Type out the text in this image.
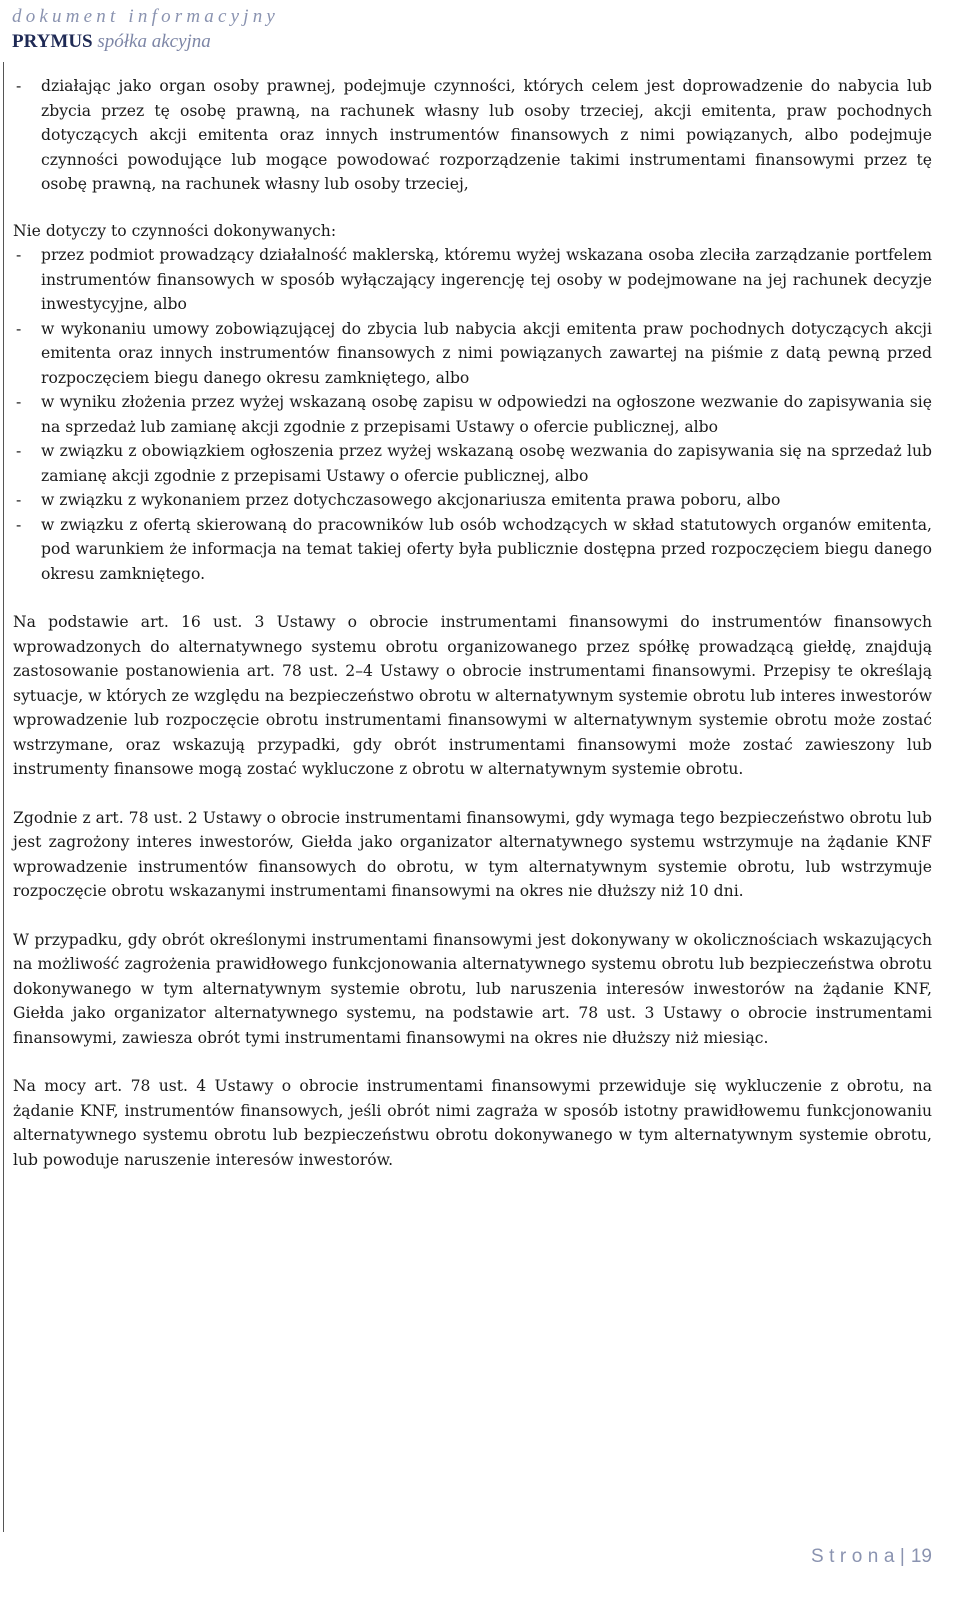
dokument informacyjny
PRYMUS spółka akcyjna
- działając jako organ osoby prawnej, podejmuje czynności, których celem jest doprowadzenie do nabycia lub zbycia przez tę osobę prawną, na rachunek własny lub osoby trzeciej, akcji emitenta, praw pochodnych dotyczących akcji emitenta oraz innych instrumentów finansowych z nimi powiązanych, albo podejmuje czynności powodujące lub mogące powodować rozporządzenie takimi instrumentami finansowymi przez tę osobę prawną, na rachunek własny lub osoby trzeciej,

Nie dotyczy to czynności dokonywanych:

- przez podmiot prowadzący działalność maklerską, któremu wyżej wskazana osoba zleciła zarządzanie portfelem instrumentów finansowych w sposób wyłączający ingerencję tej osoby w podejmowane na jej rachunek decyzje inwestycyjne, albo
- w wykonaniu umowy zobowiązującej do zbycia lub nabycia akcji emitenta praw pochodnych dotyczących akcji emitenta oraz innych instrumentów finansowych z nimi powiązanych zawartej na piśmie z datą pewną przed rozpoczęciem biegu danego okresu zamkniętego, albo
- w wyniku złożenia przez wyżej wskazaną osobę zapisu w odpowiedzi na ogłoszone wezwanie do zapisywania się na sprzedaż lub zamianę akcji zgodnie z przepisami Ustawy o ofercie publicznej, albo
- w związku z obowiązkiem ogłoszenia przez wyżej wskazaną osobę wezwania do zapisywania się na sprzedaż lub zamianę akcji zgodnie z przepisami Ustawy o ofercie publicznej, albo
- w związku z wykonaniem przez dotychczasowego akcjonariusza emitenta prawa poboru, albo
- w związku z ofertą skierowaną do pracowników lub osób wchodzących w skład statutowych organów emitenta, pod warunkiem że informacja na temat takiej oferty była publicznie dostępna przed rozpoczęciem biegu danego okresu zamkniętego.

Na podstawie art. 16 ust. 3 Ustawy o obrocie instrumentami finansowymi do instrumentów finansowych wprowadzonych do alternatywnego systemu obrotu organizowanego przez spółkę prowadzącą giełdę, znajdują zastosowanie postanowienia art. 78 ust. 2–4 Ustawy o obrocie instrumentami finansowymi. Przepisy te określają sytuacje, w których ze względu na bezpieczeństwo obrotu w alternatywnym systemie obrotu lub interes inwestorów wprowadzenie lub rozpoczęcie obrotu instrumentami finansowymi w alternatywnym systemie obrotu może zostać wstrzymane, oraz wskazują przypadki, gdy obrót instrumentami finansowymi może zostać zawieszony lub instrumenty finansowe mogą zostać wykluczone z obrotu w alternatywnym systemie obrotu.

Zgodnie z art. 78 ust. 2 Ustawy o obrocie instrumentami finansowymi, gdy wymaga tego bezpieczeństwo obrotu lub jest zagrożony interes inwestorów, Giełda jako organizator alternatywnego systemu wstrzymuje na żądanie KNF wprowadzenie instrumentów finansowych do obrotu, w tym alternatywnym systemie obrotu, lub wstrzymuje rozpoczęcie obrotu wskazanymi instrumentami finansowymi na okres nie dłuższy niż 10 dni.

W przypadku, gdy obrót określonymi instrumentami finansowymi jest dokonywany w okolicznościach wskazujących na możliwość zagrożenia prawidłowego funkcjonowania alternatywnego systemu obrotu lub bezpieczeństwa obrotu dokonywanego w tym alternatywnym systemie obrotu, lub naruszenia interesów inwestorów na żądanie KNF, Giełda jako organizator alternatywnego systemu, na podstawie art. 78 ust. 3 Ustawy o obrocie instrumentami finansowymi, zawiesza obrót tymi instrumentami finansowymi na okres nie dłuższy niż miesiąc.

Na mocy art. 78 ust. 4 Ustawy o obrocie instrumentami finansowymi przewiduje się wykluczenie z obrotu, na żądanie KNF, instrumentów finansowych, jeśli obrót nimi zagraża w sposób istotny prawidłowemu funkcjonowaniu alternatywnego systemu obrotu lub bezpieczeństwu obrotu dokonywanego w tym alternatywnym systemie obrotu, lub powoduje naruszenie interesów inwestorów.

Strona| 19
